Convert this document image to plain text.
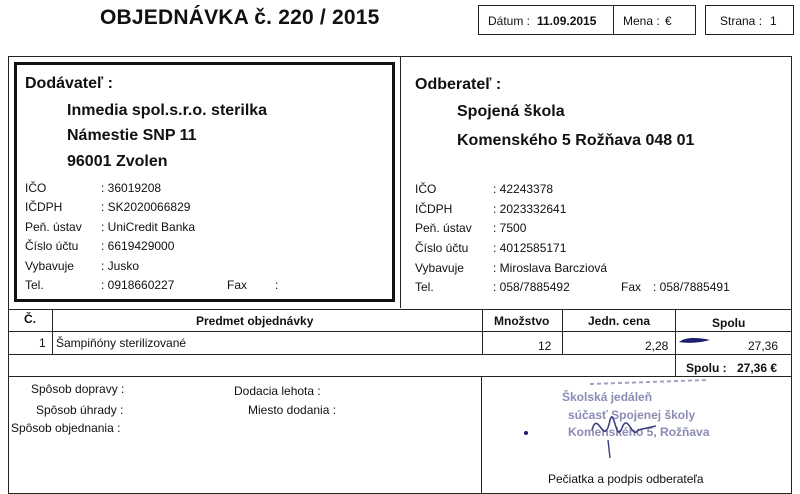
OBJEDNÁVKA č. 220 / 2015	Dátum : 11.09.2015 Mena : €	Strana : 1
Dodávateľ :
Inmedia spol.s.r.o. sterilka
Námestie SNP 11
96001 Zvolen
IČO	: 36019208
IČDPH	: SK2020066829
Peň. ústav : UniCredit Banka
Číslo účtu : 6619429000
Vybavuje : Jusko
Tel.	: 0918660227	Fax :
Odberateľ :
Spojená škola
Komenského 5 Rožňava 048 01
IČO	: 42243378
IČDPH	: 2023332641
Peň. ústav : 7500
Číslo účtu : 4012585171
Vybavuje : Miroslava Barcziová
Tel.	: 058/7885492	Fax : 058/7885491
Č.	Predmet objednávky	Množstvo	Jedn. cena	Spolu
1 Šampiňóny sterilizované	12	2,28	27,36
Spolu : 27,36 €
Spôsob dopravy :
Spôsob úhrady :
Spôsob objednania :
Dodacia lehota :
Miesto dodania :
Školská jedáleň
súčasť Spojenej školy
Komenského 5, Rožňava
Pečiatka a podpis odberateľa
